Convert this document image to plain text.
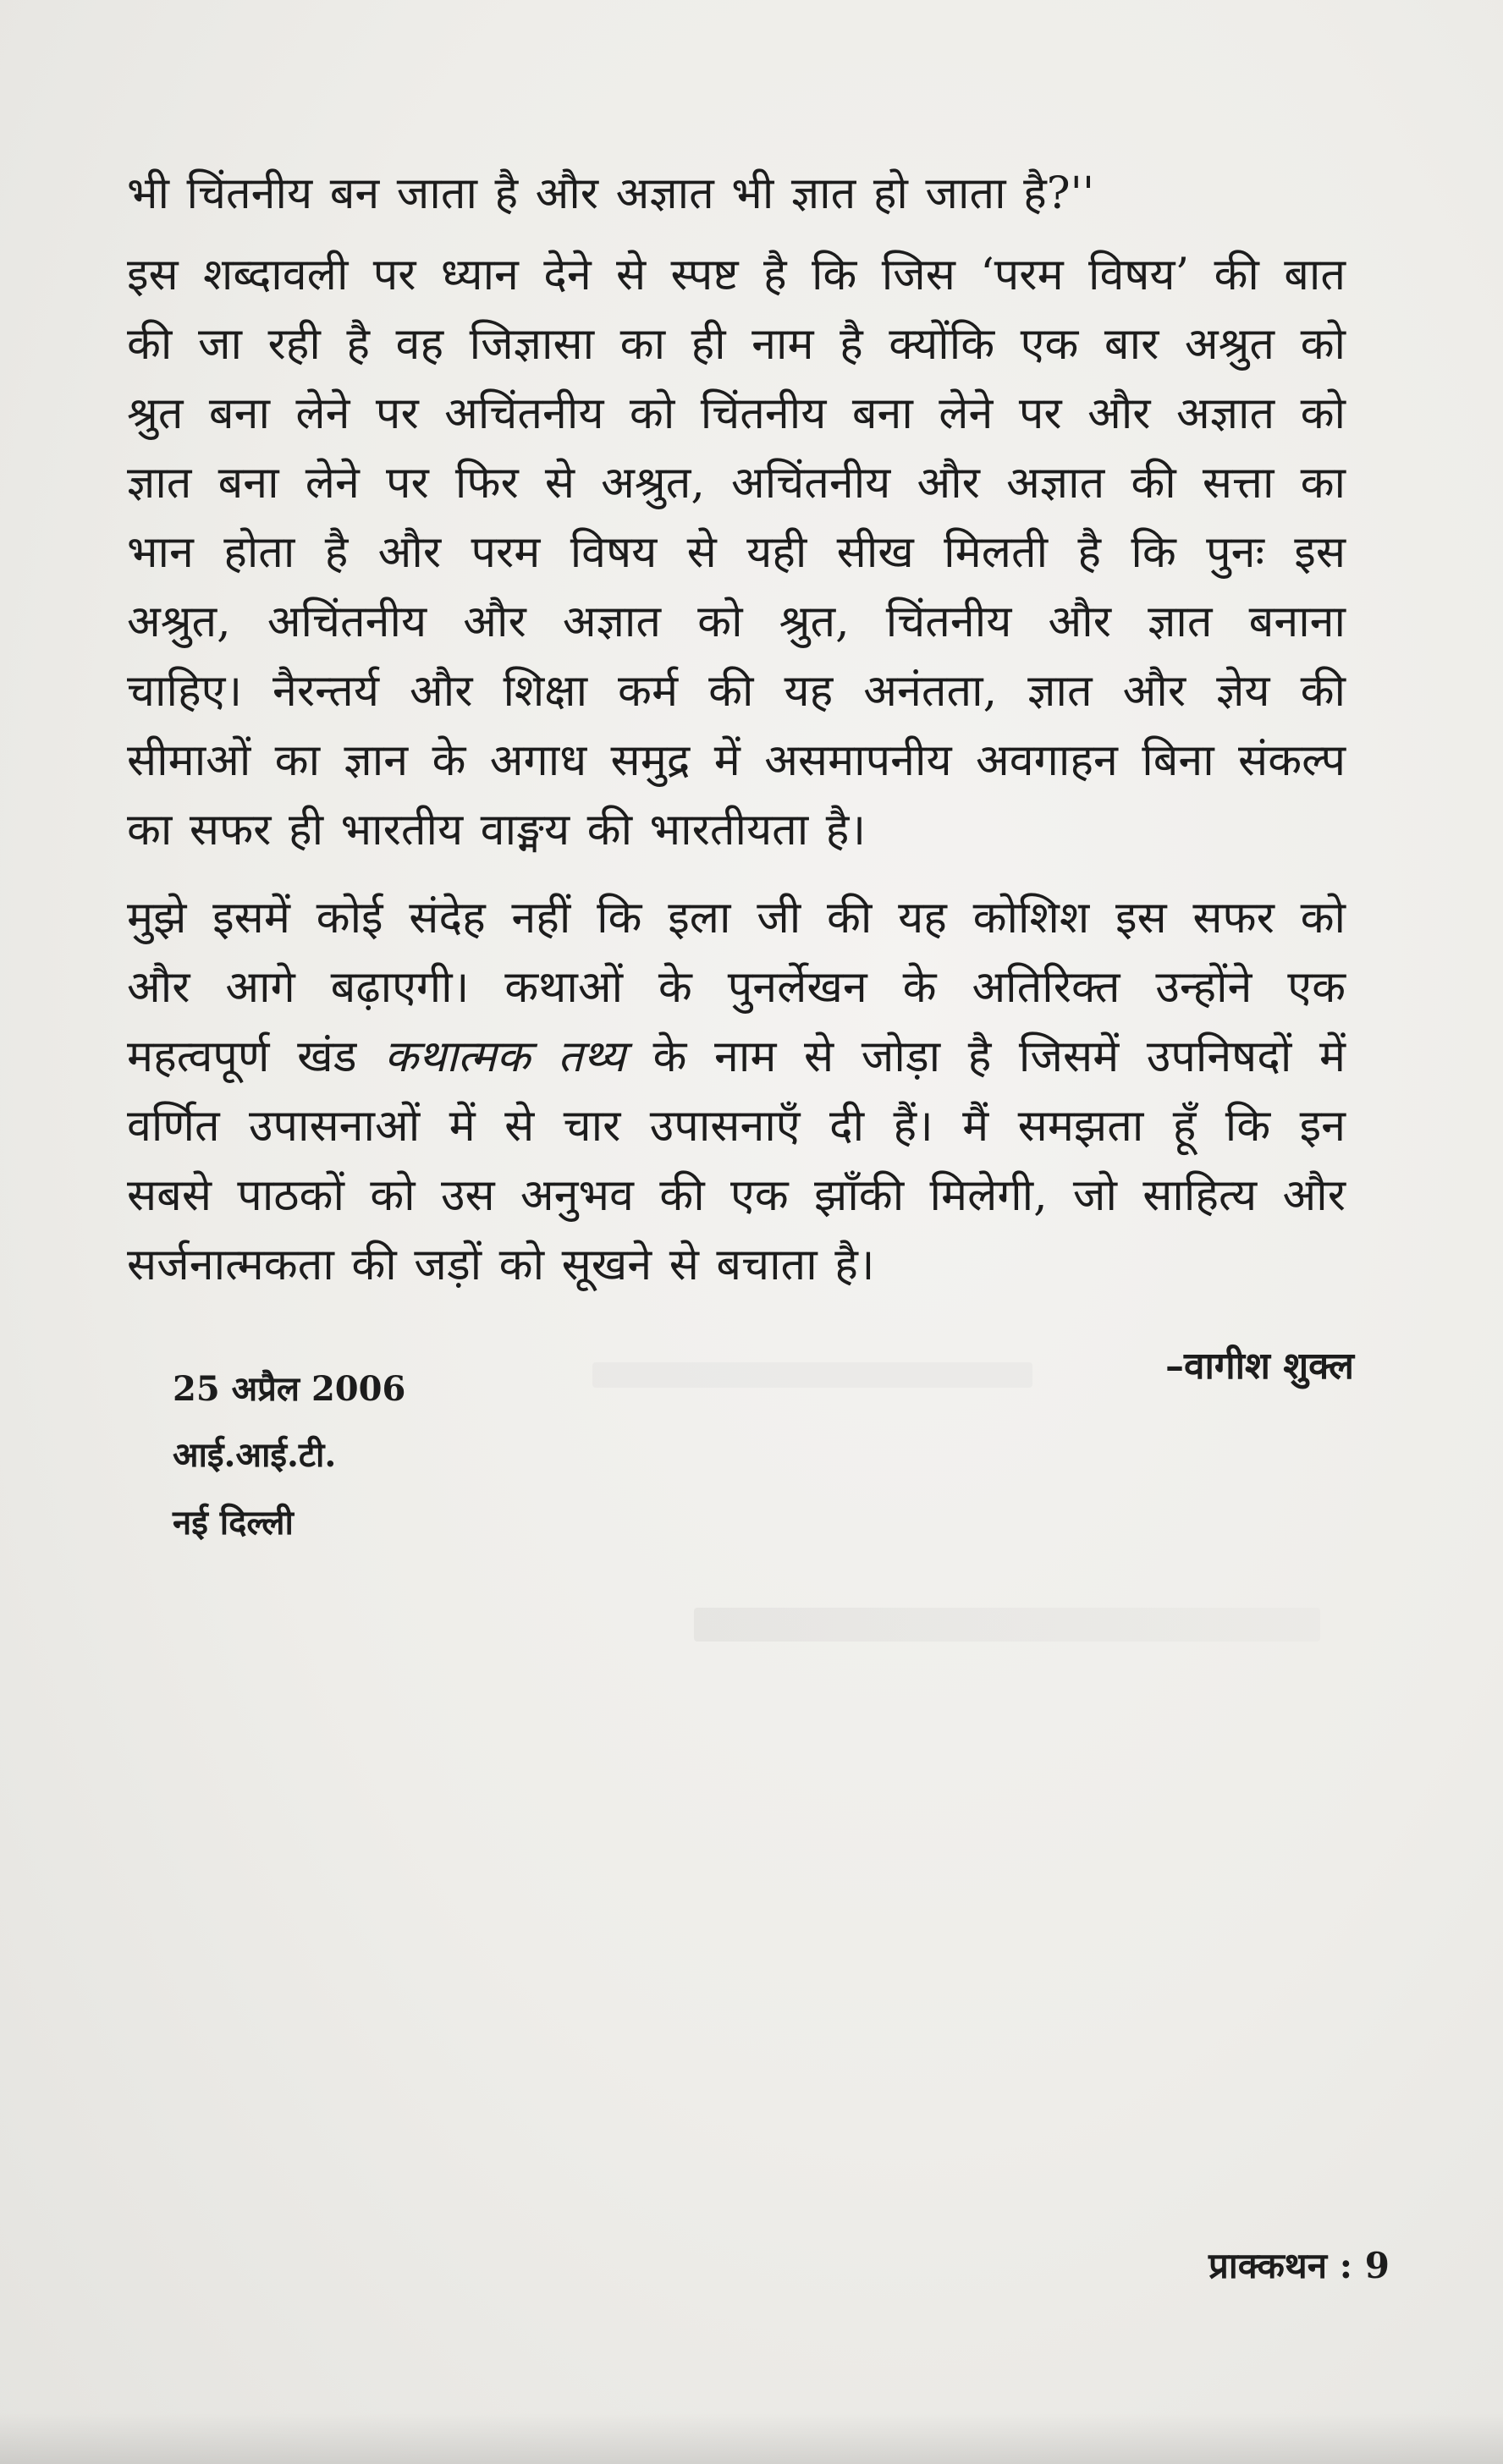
भी चिंतनीय बन जाता है और अज्ञात भी ज्ञात हो जाता है?''
इस शब्दावली पर ध्यान देने से स्पष्ट है कि जिस ‘परम विषय’ की बात
की जा रही है वह जिज्ञासा का ही नाम है क्योंकि एक बार अश्रुत को
श्रुत बना लेने पर अचिंतनीय को चिंतनीय बना लेने पर और अज्ञात को
ज्ञात बना लेने पर फिर से अश्रुत, अचिंतनीय और अज्ञात की सत्ता का
भान होता है और परम विषय से यही सीख मिलती है कि पुनः इस
अश्रुत, अचिंतनीय और अज्ञात को श्रुत, चिंतनीय और ज्ञात बनाना
चाहिए। नैरन्तर्य और शिक्षा कर्म की यह अनंतता, ज्ञात और ज्ञेय की
सीमाओं का ज्ञान के अगाध समुद्र में असमापनीय अवगाहन बिना संकल्प
का सफर ही भारतीय वाङ्मय की भारतीयता है।
मुझे इसमें कोई संदेह नहीं कि इला जी की यह कोशिश इस सफर को
और आगे बढ़ाएगी। कथाओं के पुनर्लेखन के अतिरिक्त उन्होंने एक
महत्वपूर्ण खंड कथात्मक तथ्य के नाम से जोड़ा है जिसमें उपनिषदों में
वर्णित उपासनाओं में से चार उपासनाएँ दी हैं। मैं समझता हूँ कि इन
सबसे पाठकों को उस अनुभव की एक झाँकी मिलेगी, जो साहित्य और
सर्जनात्मकता की जड़ों को सूखने से बचाता है।
–वागीश शुक्ल
25 अप्रैल 2006
आई.आई.टी.
नई दिल्ली
प्राक्कथन : 9
